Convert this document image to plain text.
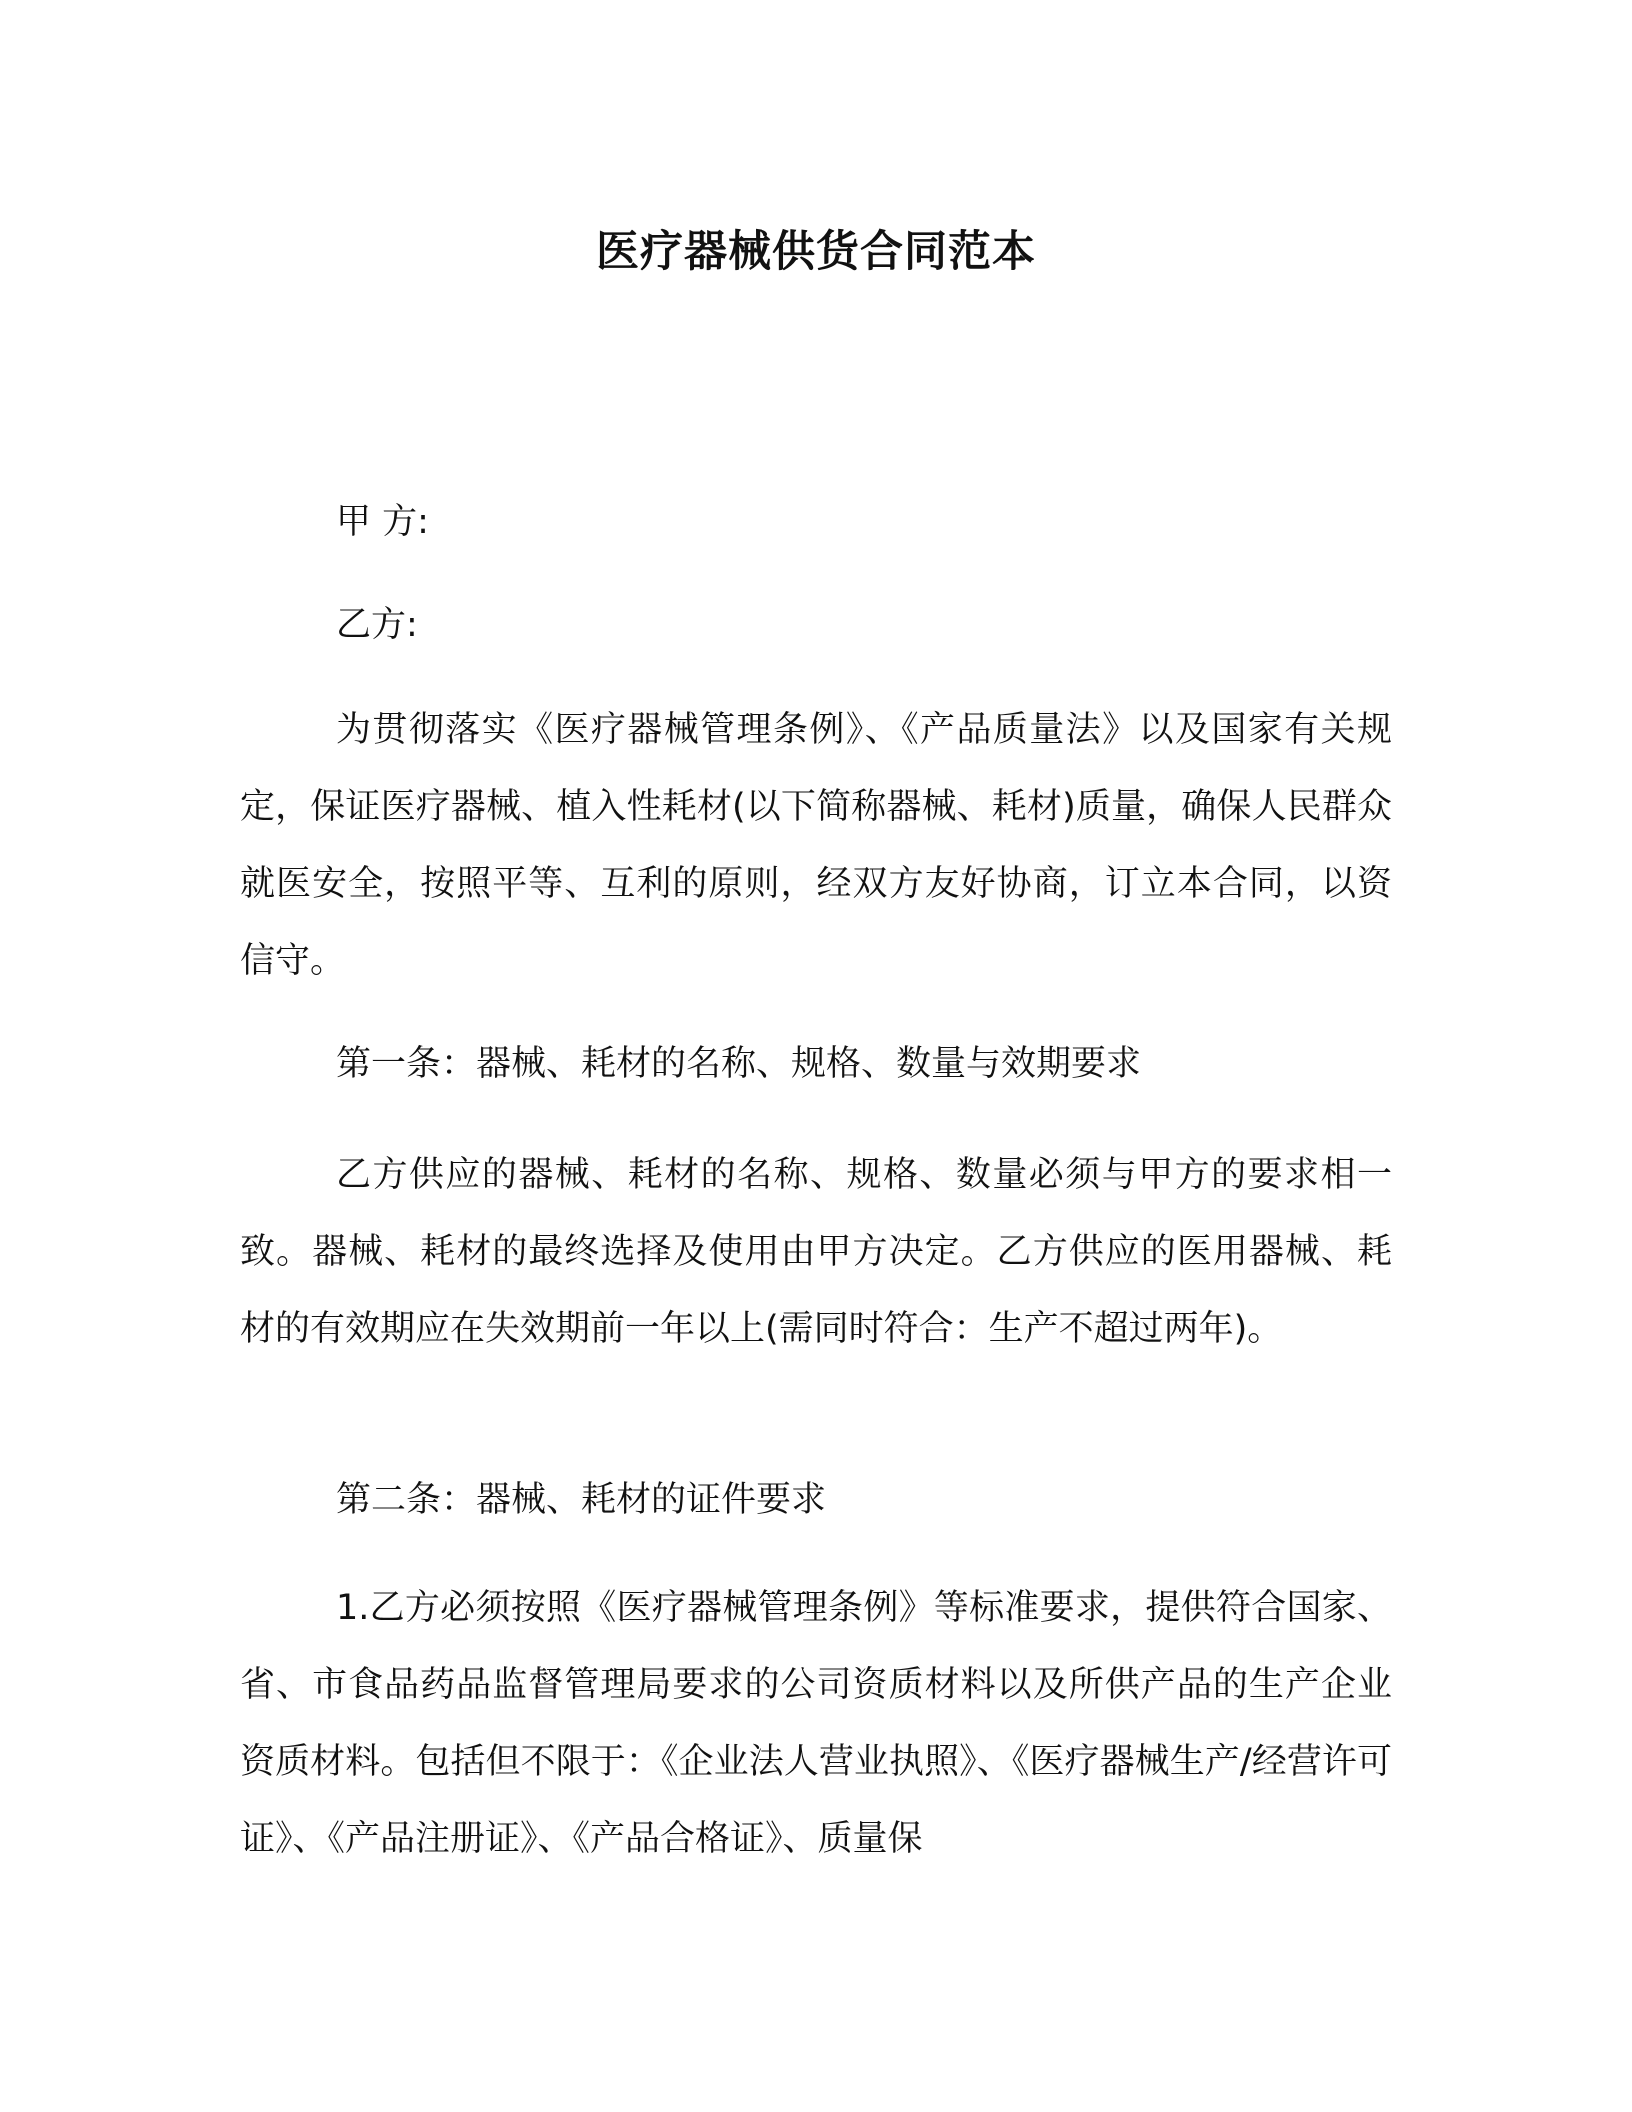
医疗器械供货合同范本
甲 方:
乙方:
为贯彻落实《医疗器械管理条例》、《产品质量法》以及国家有关规定，保证医疗器械、植入性耗材(以下简称器械、耗材)质量，确保人民群众就医安全，按照平等、互利的原则，经双方友好协商，订立本合同，以资信守。
第一条：器械、耗材的名称、规格、数量与效期要求
乙方供应的器械、耗材的名称、规格、数量必须与甲方的要求相一致。器械、耗材的最终选择及使用由甲方决定。乙方供应的医用器械、耗材的有效期应在失效期前一年以上(需同时符合：生产不超过两年)。
第二条：器械、耗材的证件要求
1.乙方必须按照《医疗器械管理条例》等标准要求，提供符合国家、省、市食品药品监督管理局要求的公司资质材料以及所供产品的生产企业资质材料。包括但不限于：《企业法人营业执照》、《医疗器械生产/经营许可证》、《产品注册证》、《产品合格证》、质量保
